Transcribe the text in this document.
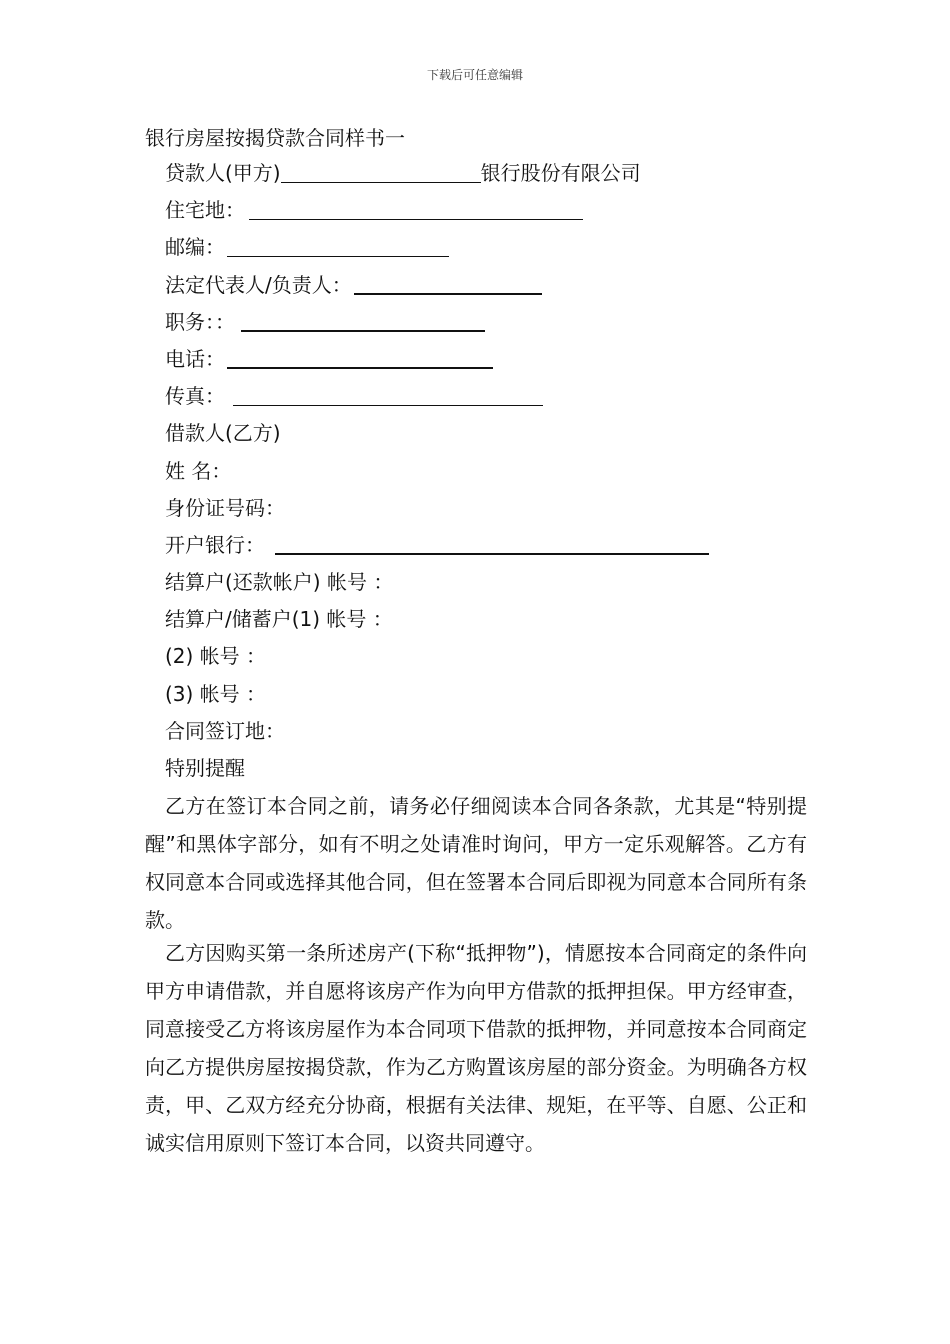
下载后可任意编辑
银行房屋按揭贷款合同样书一
贷款人(甲方)	银行股份有限公司
住宅地：
邮编：
法定代表人/负责人：
职务：：
电话：
传真：
借款人(乙方)
姓 名：
身份证号码：
开户银行：
结算户(还款帐户) 帐号 ：
结算户/储蓄户(1) 帐号 ：
(2) 帐号 ：
(3) 帐号 ：
合同签订地：
特别提醒

乙方在签订本合同之前，请务必仔细阅读本合同各条款，尤其是“特别提醒”和黑体字部分，如有不明之处请准时询问，甲方一定乐观解答。乙方有权同意本合同或选择其他合同，但在签署本合同后即视为同意本合同所有条款。

乙方因购买第一条所述房产(下称“抵押物”)，情愿按本合同商定的条件向甲方申请借款，并自愿将该房产作为向甲方借款的抵押担保。甲方经审查，同意接受乙方将该房屋作为本合同项下借款的抵押物，并同意按本合同商定向乙方提供房屋按揭贷款，作为乙方购置该房屋的部分资金。为明确各方权责，甲、乙双方经充分协商，根据有关法律、规矩，在平等、自愿、公正和诚实信用原则下签订本合同，以资共同遵守。
